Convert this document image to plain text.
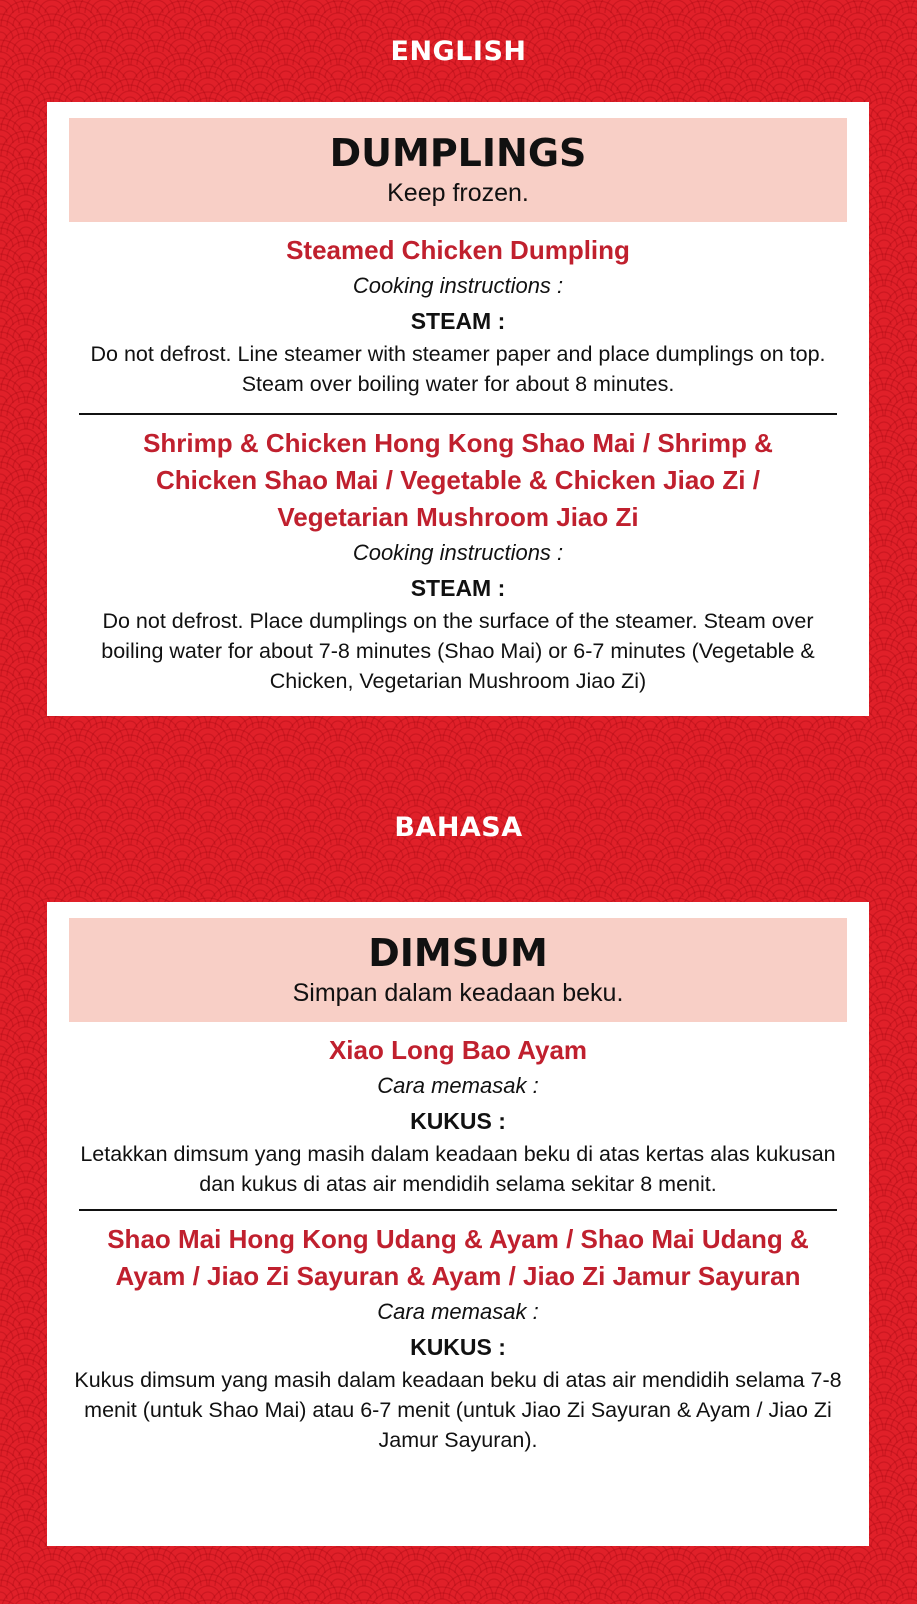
ENGLISH
DUMPLINGS
Keep frozen.
Steamed Chicken Dumpling
Cooking instructions :
STEAM :
Do not defrost. Line steamer with steamer paper and place dumplings on top. Steam over boiling water for about 8 minutes.
Shrimp & Chicken Hong Kong Shao Mai / Shrimp & Chicken Shao Mai / Vegetable & Chicken Jiao Zi / Vegetarian Mushroom Jiao Zi
Cooking instructions :
STEAM :
Do not defrost. Place dumplings on the surface of the steamer. Steam over boiling water for about 7-8 minutes (Shao Mai) or 6-7 minutes (Vegetable & Chicken, Vegetarian Mushroom Jiao Zi)
BAHASA
DIMSUM
Simpan dalam keadaan beku.
Xiao Long Bao Ayam
Cara memasak :
KUKUS :
Letakkan dimsum yang masih dalam keadaan beku di atas kertas alas kukusan dan kukus di atas air mendidih selama sekitar 8 menit.
Shao Mai Hong Kong Udang & Ayam / Shao Mai Udang & Ayam / Jiao Zi Sayuran & Ayam / Jiao Zi Jamur Sayuran
Cara memasak :
KUKUS :
Kukus dimsum yang masih dalam keadaan beku di atas air mendidih selama 7-8 menit (untuk Shao Mai) atau 6-7 menit (untuk Jiao Zi Sayuran & Ayam / Jiao Zi Jamur Sayuran).
